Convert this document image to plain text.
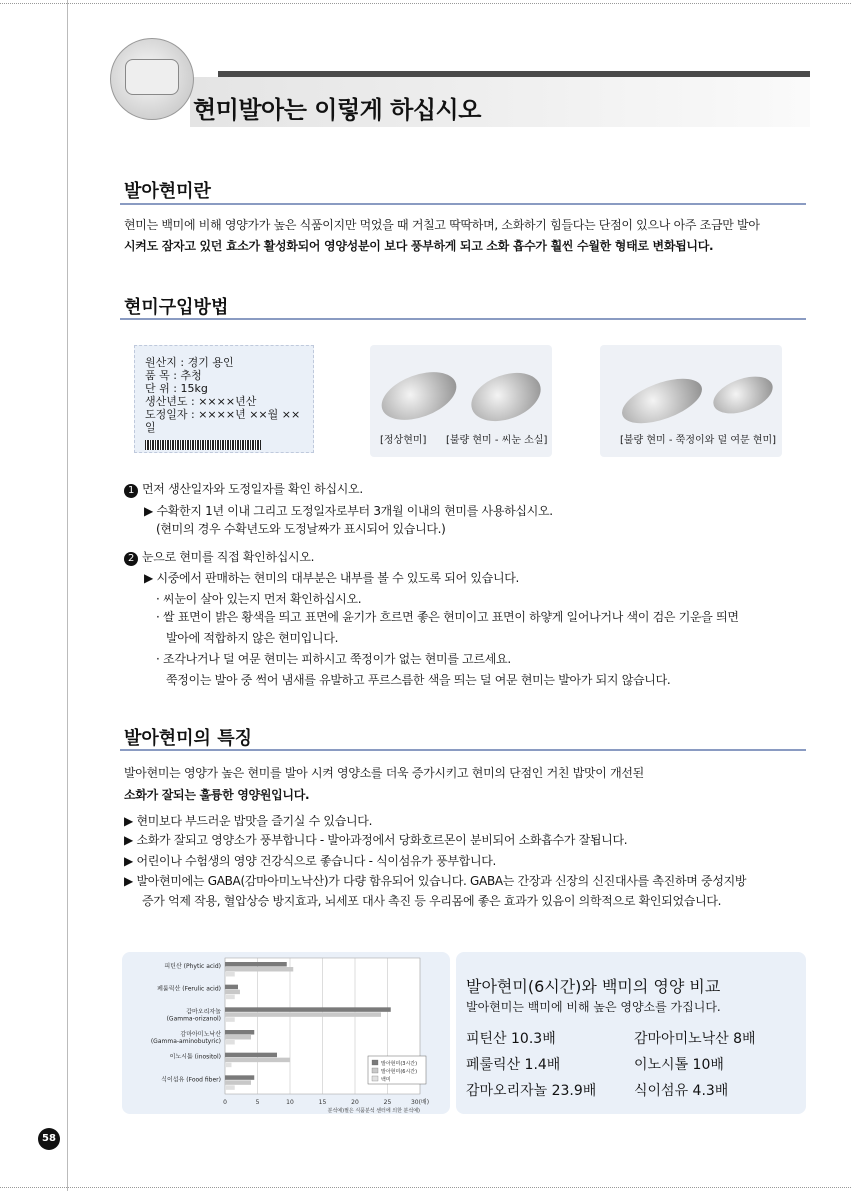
현미발아는 이렇게 하십시오
발아현미란
현미는 백미에 비해 영양가가 높은 식품이지만 먹었을 때 거칠고 딱딱하며, 소화하기 힘들다는 단점이 있으나 아주 조금만 발아
시켜도 잠자고 있던 효소가 활성화되어 영양성분이 보다 풍부하게 되고 소화 흡수가 훨씬 수월한 형태로 변화됩니다.
현미구입방법
원산지 : 경기 용인
품 목 : 추청
단 위 : 15kg
생산년도 : ××××년산
도정일자 : ××××년 ××월 ××일
[정상현미] [불량 현미 - 씨눈 소실]	[불량 현미 - 쭉정이와 덜 여문 현미]
1 먼저 생산일자와 도정일자를 확인 하십시오.
▶ 수확한지 1년 이내 그리고 도정일자로부터 3개월 이내의 현미를 사용하십시오.
(현미의 경우 수확년도와 도정날짜가 표시되어 있습니다.)
2 눈으로 현미를 직접 확인하십시오.
▶ 시중에서 판매하는 현미의 대부분은 내부를 볼 수 있도록 되어 있습니다.
· 씨눈이 살아 있는지 먼저 확인하십시오.
· 쌀 표면이 밝은 황색을 띄고 표면에 윤기가 흐르면 좋은 현미이고 표면이 하얗게 일어나거나 색이 검은 기운을 띄면
발아에 적합하지 않은 현미입니다.
· 조각나거나 덜 여문 현미는 피하시고 쭉정이가 없는 현미를 고르세요.
쭉정이는 발아 중 썩어 냄새를 유발하고 푸르스름한 색을 띄는 덜 여문 현미는 발아가 되지 않습니다.
발아현미의 특징
발아현미는 영양가 높은 현미를 발아 시켜 영양소를 더욱 증가시키고 현미의 단점인 거친 밥맛이 개선된
소화가 잘되는 훌륭한 영양원입니다.
▶ 현미보다 부드러운 밥맛을 즐기실 수 있습니다.
▶ 소화가 잘되고 영양소가 풍부합니다 - 발아과정에서 당화호르몬이 분비되어 소화흡수가 잘됩니다.
▶ 어린이나 수험생의 영양 건강식으로 좋습니다 - 식이섬유가 풍부합니다.
▶ 발아현미에는 GABA(감마아미노낙산)가 다량 함유되어 있습니다. GABA는 간장과 신장의 신진대사를 촉진하며 중성지방
증가 억제 작용, 혈압상승 방지효과, 뇌세포 대사 촉진 등 우리몸에 좋은 효과가 있음이 의학적으로 확인되었습니다.
0	5	10	15	20	25	30(배)
분석예)필은 식품분석 센터에 의한 분석예)
피틴산 (Phytic acid)
페룰릭산 (Ferulic acid)
감마오리자놀 (Gamma-orizanol)
감마아미노낙산 (Gamma-aminobutyric)
이노시톨 (inositol)
식이섬유 (Food fiber)
발아현미(3시간)
발아현미(6시간)
백미
발아현미(6시간)와 백미의 영양 비교
발아현미는 백미에 비해 높은 영양소를 가집니다.
피틴산 10.3배	감마아미노낙산 8배
페룰릭산 1.4배	이노시톨 10배
감마오리자놀 23.9배	식이섬유 4.3배
58
